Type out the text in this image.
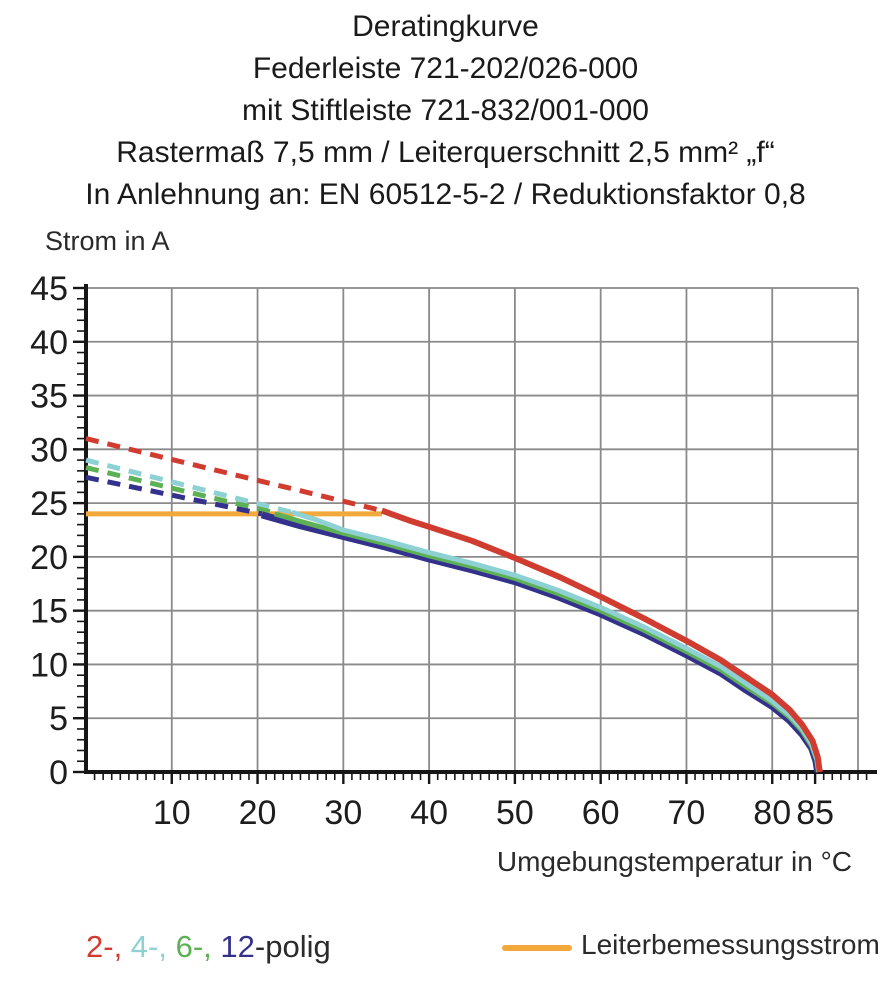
Deratingkurve
Federleiste 721-202/026-000
mit Stiftleiste 721-832/001-000
Rastermaß 7,5 mm / Leiterquerschnitt 2,5 mm² „f“
In Anlehnung an: EN 60512-5-2 / Reduktionsfaktor 0,8
Strom in A
Umgebungstemperatur in °C
0
5
10
15
20
25
30
35
40
45
10 20 30 40 50 60 70 80 85
2-, 4-, 6-, 12-polig	Leiterbemessungsstrom
